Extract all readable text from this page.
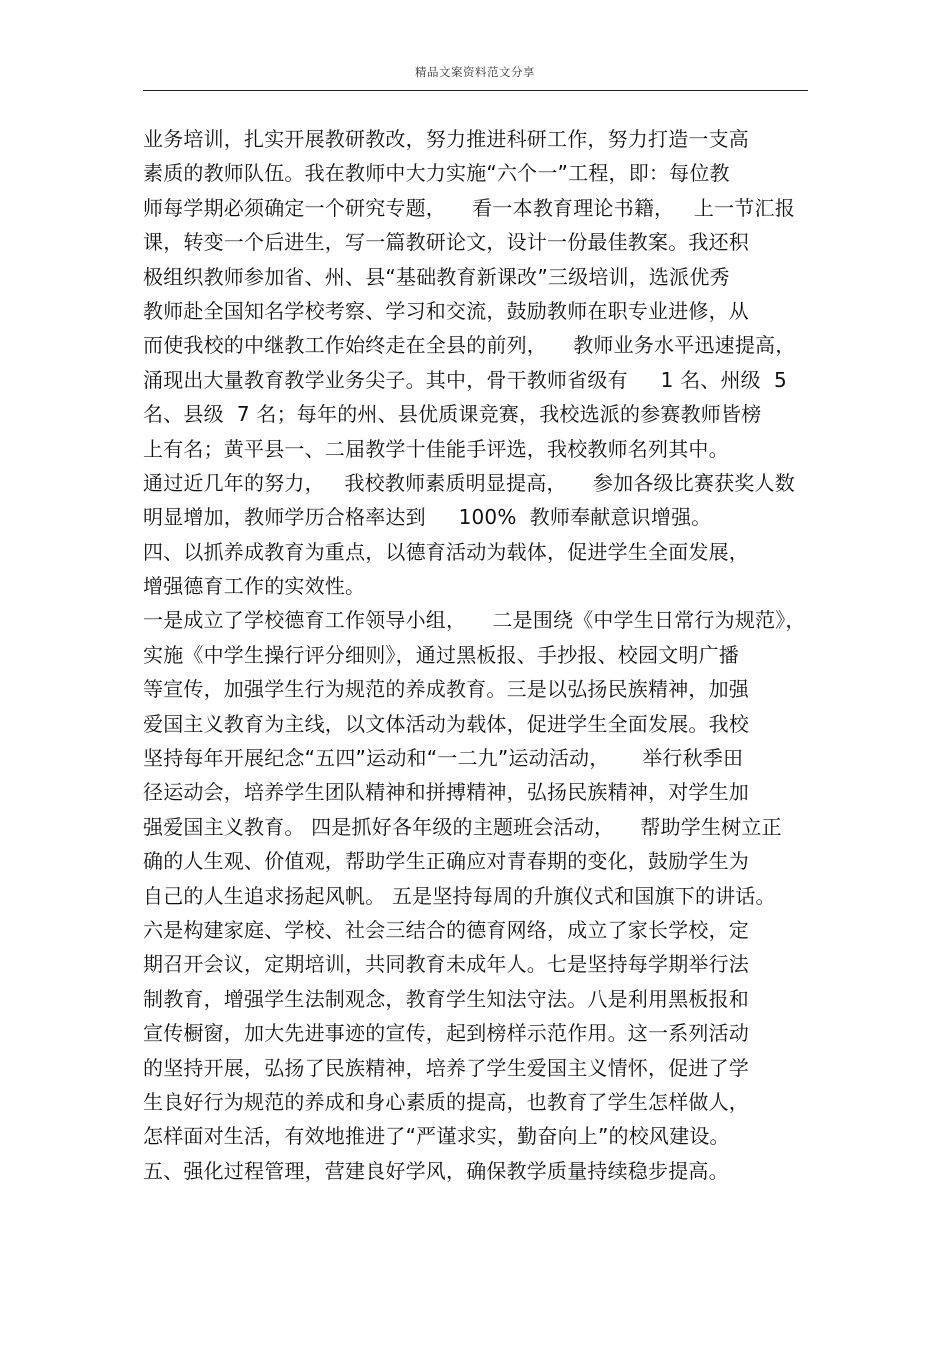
精品文案资料范文分享
业务培训，扎实开展教研教改，努力推进科研工作，努力打造一支高
素质的教师队伍。我在教师中大力实施“六个一”工程，即：每位教
师每学期必须确定一个研究专题，    看一本教育理论书籍，   上一节汇报
课，转变一个后进生，写一篇教研论文，设计一份最佳教案。我还积
极组织教师参加省、州、县“基础教育新课改”三级培训，选派优秀
教师赴全国知名学校考察、学习和交流，鼓励教师在职专业进修，从
而使我校的中继教工作始终走在全县的前列，    教师业务水平迅速提高，
涌现出大量教育教学业务尖子。其中，骨干教师省级有     1 名、州级  5
名、县级  7 名；每年的州、县优质课竞赛，我校选派的参赛教师皆榜
上有名；黄平县一、二届教学十佳能手评选，我校教师名列其中。
通过近几年的努力，   我校教师素质明显提高，    参加各级比赛获奖人数
明显增加，教师学历合格率达到     100%  教师奉献意识增强。
四、以抓养成教育为重点，以德育活动为载体，促进学生全面发展，
增强德育工作的实效性。
一是成立了学校德育工作领导小组，    二是围绕《中学生日常行为规范》，
实施《中学生操行评分细则》，通过黑板报、手抄报、校园文明广播
等宣传，加强学生行为规范的养成教育。三是以弘扬民族精神，加强
爱国主义教育为主线，以文体活动为载体，促进学生全面发展。我校
坚持每年开展纪念“五四”运动和“一二九”运动活动，     举行秋季田
径运动会，培养学生团队精神和拼搏精神，弘扬民族精神，对学生加
强爱国主义教育。 四是抓好各年级的主题班会活动，    帮助学生树立正
确的人生观、价值观，帮助学生正确应对青春期的变化，鼓励学生为
自己的人生追求扬起风帆。 五是坚持每周的升旗仪式和国旗下的讲话。
六是构建家庭、学校、社会三结合的德育网络，成立了家长学校，定
期召开会议，定期培训，共同教育未成年人。七是坚持每学期举行法
制教育，增强学生法制观念，教育学生知法守法。八是利用黑板报和
宣传橱窗，加大先进事迹的宣传，起到榜样示范作用。这一系列活动
的坚持开展，弘扬了民族精神，培养了学生爱国主义情怀，促进了学
生良好行为规范的养成和身心素质的提高，也教育了学生怎样做人，
怎样面对生活，有效地推进了“严谨求实，勤奋向上”的校风建设。
五、强化过程管理，营建良好学风，确保教学质量持续稳步提高。
